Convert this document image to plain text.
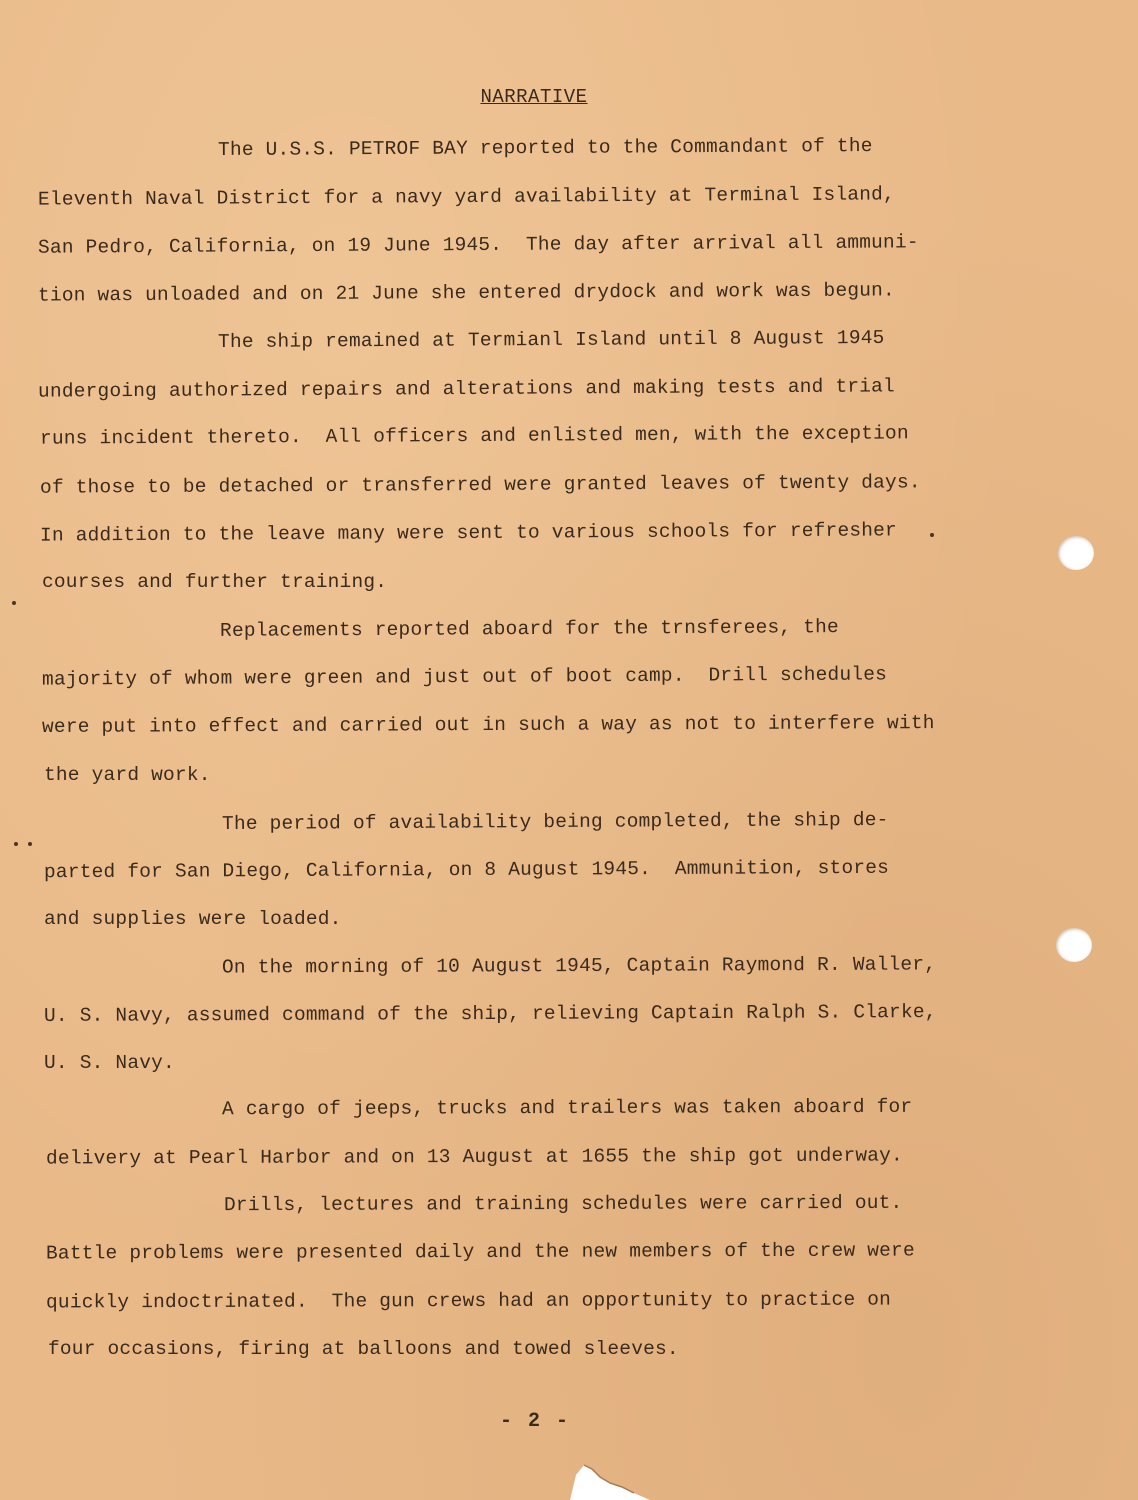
NARRATIVE
The U.S.S. PETROF BAY reported to the Commandant of the
Eleventh Naval District for a navy yard availability at Terminal Island,
San Pedro, California, on 19 June 1945.  The day after arrival all ammuni-
tion was unloaded and on 21 June she entered drydock and work was begun.
The ship remained at Termianl Island until 8 August 1945
undergoing authorized repairs and alterations and making tests and trial
runs incident thereto.  All officers and enlisted men, with the exception
of those to be detached or transferred were granted leaves of twenty days.
In addition to the leave many were sent to various schools for refresher
courses and further training.
Replacements reported aboard for the trnsferees, the
majority of whom were green and just out of boot camp.  Drill schedules
were put into effect and carried out in such a way as not to interfere with
the yard work.
The period of availability being completed, the ship de-
parted for San Diego, California, on 8 August 1945.  Ammunition, stores
and supplies were loaded.
On the morning of 10 August 1945, Captain Raymond R. Waller,
U. S. Navy, assumed command of the ship, relieving Captain Ralph S. Clarke,
U. S. Navy.
A cargo of jeeps, trucks and trailers was taken aboard for
delivery at Pearl Harbor and on 13 August at 1655 the ship got underway.
Drills, lectures and training schedules were carried out.
Battle problems were presented daily and the new members of the crew were
quickly indoctrinated.  The gun crews had an opportunity to practice on
four occasions, firing at balloons and towed sleeves.
- 2 -
